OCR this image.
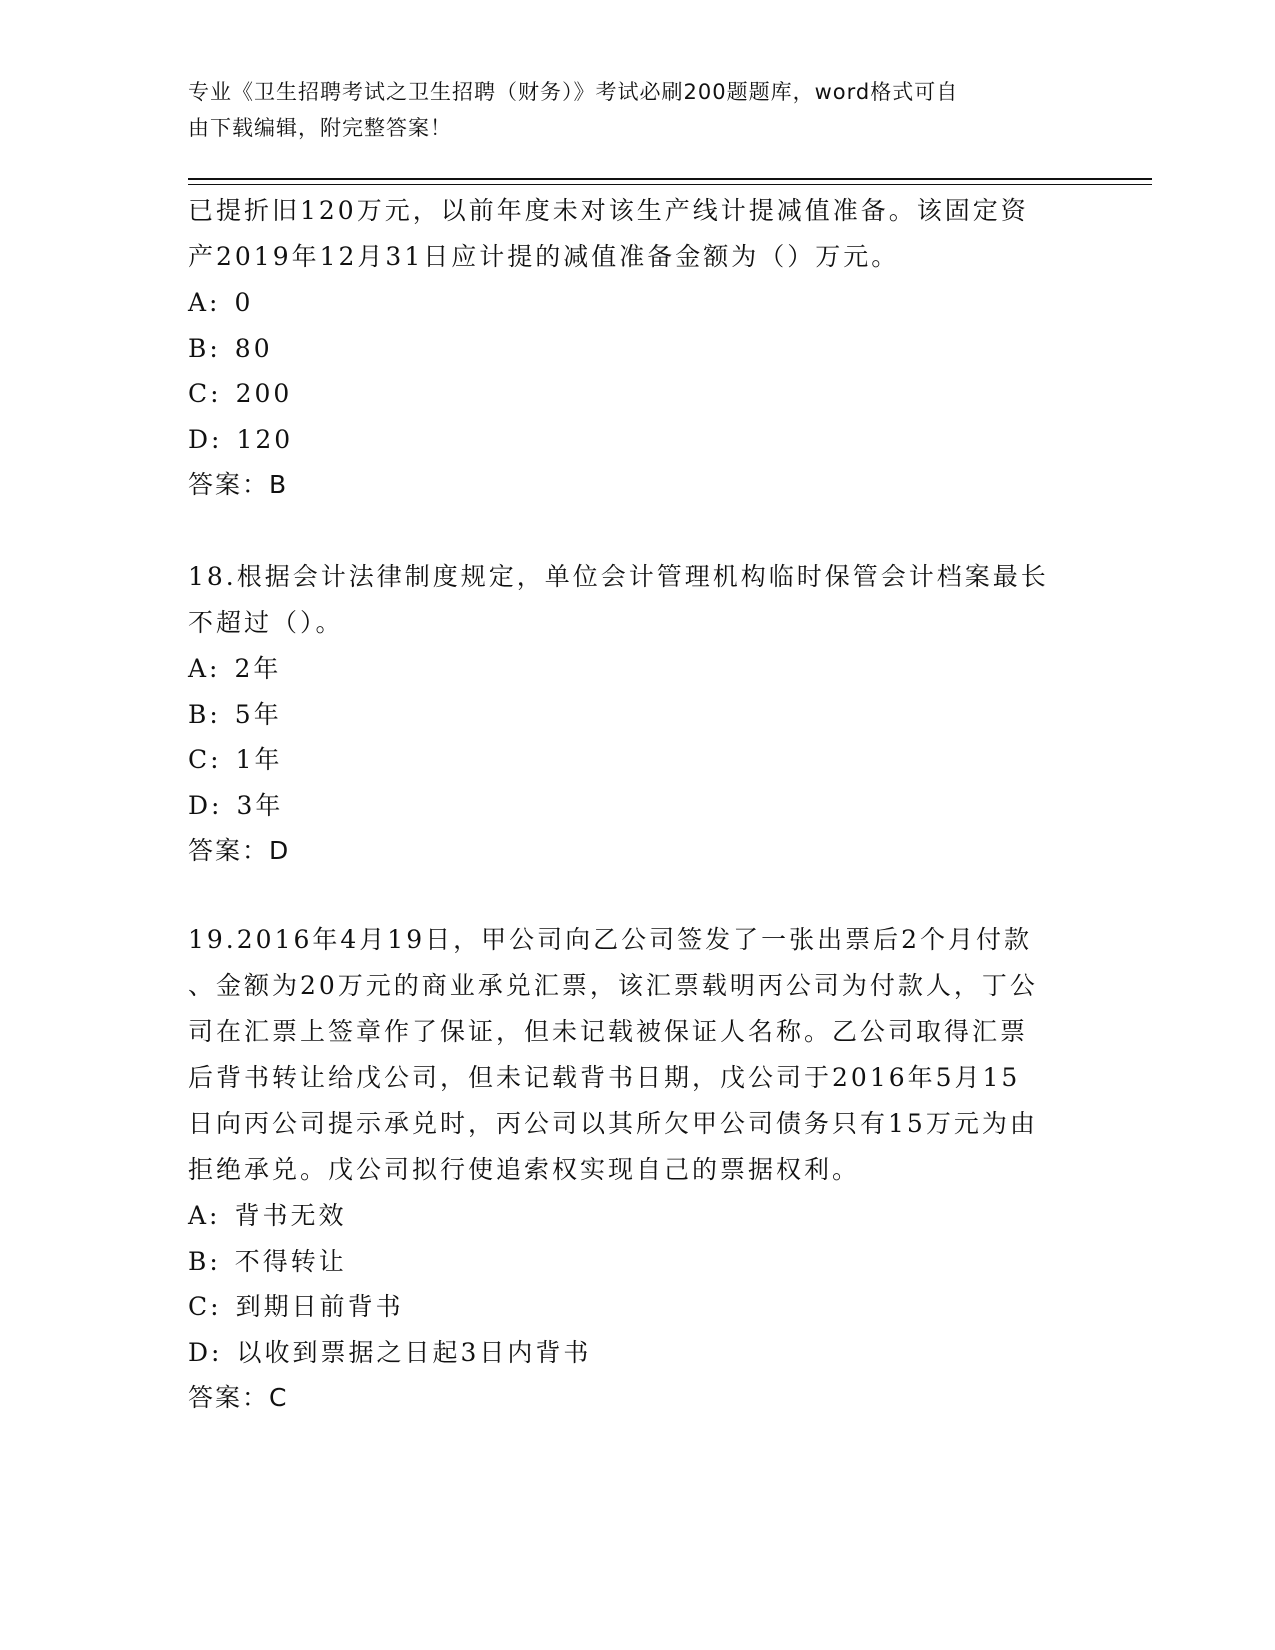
专业《卫生招聘考试之卫生招聘（财务）》考试必刷200题题库，word格式可自
由下载编辑，附完整答案！

已提折旧120万元，以前年度未对该生产线计提减值准备。该固定资

产2019年12月31日应计提的减值准备金额为（）万元。

A: 0

B: 80

C: 200

D: 120

答案：B

18.根据会计法律制度规定，单位会计管理机构临时保管会计档案最长

不超过（）。

A: 2年

B: 5年

C: 1年

D: 3年

答案：D

19.2016年4月19日，甲公司向乙公司签发了一张出票后2个月付款

、金额为20万元的商业承兑汇票，该汇票载明丙公司为付款人，丁公

司在汇票上签章作了保证，但未记载被保证人名称。乙公司取得汇票

后背书转让给戊公司，但未记载背书日期，戊公司于2016年5月15

日向丙公司提示承兑时，丙公司以其所欠甲公司债务只有15万元为由

拒绝承兑。戊公司拟行使追索权实现自己的票据权利。

A: 背书无效

B: 不得转让

C: 到期日前背书

D: 以收到票据之日起3日内背书

答案：C
